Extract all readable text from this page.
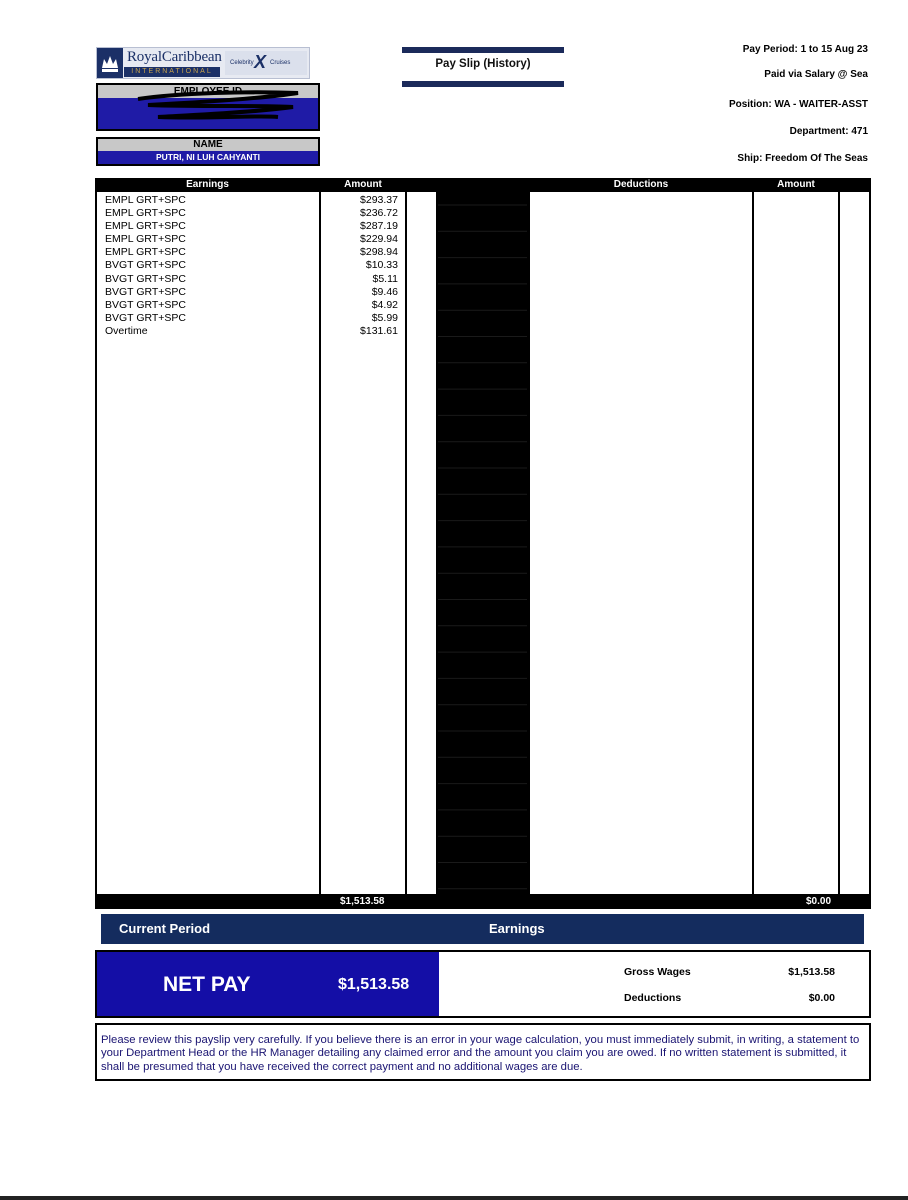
RoyalCaribbean
INTERNATIONAL
Celebrity X Cruises	Pay Slip (History)
EMPLOYEE ID
NAME
PUTRI, NI LUH CAHYANTI
Pay Period: 1 to 15 Aug 23
Paid via Salary @ Sea
Position: WA - WAITER-ASST
Department: 471
Ship: Freedom Of The Seas
Earnings	Amount	Deductions	Amount
EMPL GRT+SPC	$293.37
EMPL GRT+SPC	$236.72
EMPL GRT+SPC	$287.19
EMPL GRT+SPC	$229.94
EMPL GRT+SPC	$298.94
BVGT GRT+SPC	$10.33
BVGT GRT+SPC	$5.11
BVGT GRT+SPC	$9.46
BVGT GRT+SPC	$4.92
BVGT GRT+SPC	$5.99
Overtime	$131.61
$1,513.58	$0.00
Current Period	Earnings
NET PAY	$1,513.58
Gross Wages	$1,513.58
Deductions	$0.00
Please review this payslip very carefully. If you believe there is an error in your wage calculation, you must immediately submit, in writing, a statement to your Department Head or the HR Manager detailing any claimed error and the amount you claim you are owed. If no written statement is submitted, it shall be presumed that you have received the correct payment and no additional wages are due.
